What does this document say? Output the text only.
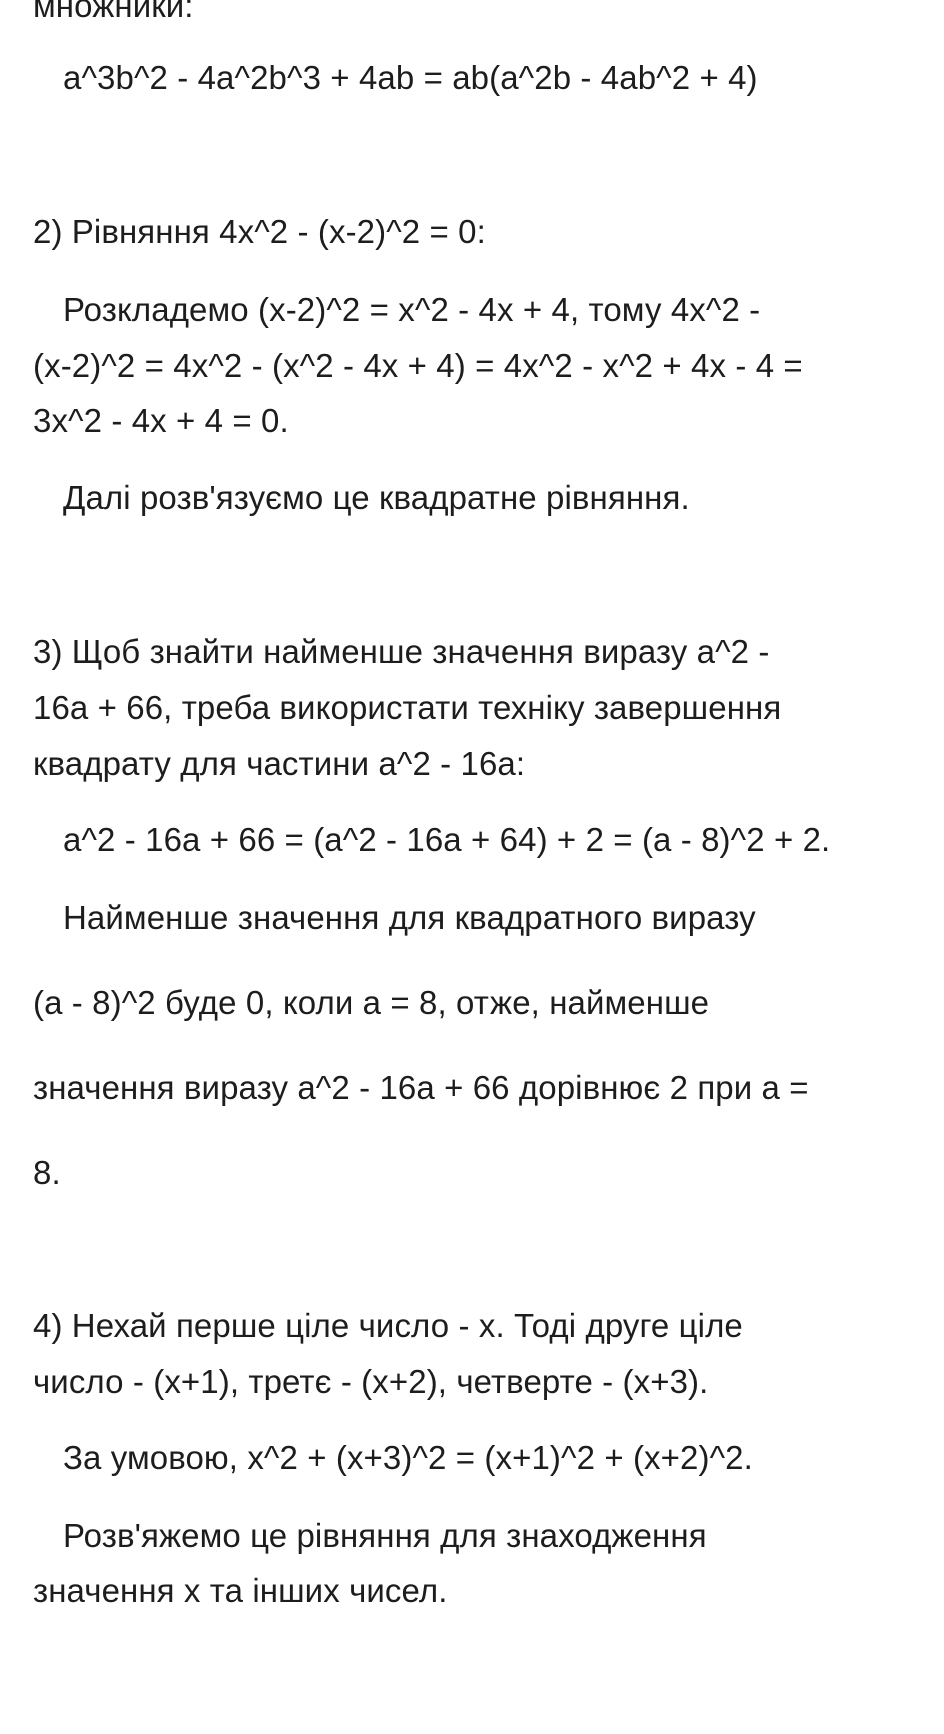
множники:
a^3b^2 - 4a^2b^3 + 4ab = ab(a^2b - 4ab^2 + 4)
2) Рівняння 4x^2 - (x-2)^2 = 0:
Розкладемо (x-2)^2 = x^2 - 4x + 4, тому 4x^2 -
(x-2)^2 = 4x^2 - (x^2 - 4x + 4) = 4x^2 - x^2 + 4x - 4 =
3x^2 - 4x + 4 = 0.
Далі розв'язуємо це квадратне рівняння.
3) Щоб знайти найменше значення виразу a^2 -
16a + 66, треба використати техніку завершення
квадрату для частини a^2 - 16a:
a^2 - 16a + 66 = (a^2 - 16a + 64) + 2 = (a - 8)^2 + 2.
Найменше значення для квадратного виразу
(a - 8)^2 буде 0, коли a = 8, отже, найменше
значення виразу a^2 - 16a + 66 дорівнює 2 при a =
8.
4) Нехай перше ціле число - x. Тоді друге ціле
число - (x+1), третє - (x+2), четверте - (x+3).
За умовою, x^2 + (x+3)^2 = (x+1)^2 + (x+2)^2.
Розв'яжемо це рівняння для знаходження
значення x та інших чисел.
